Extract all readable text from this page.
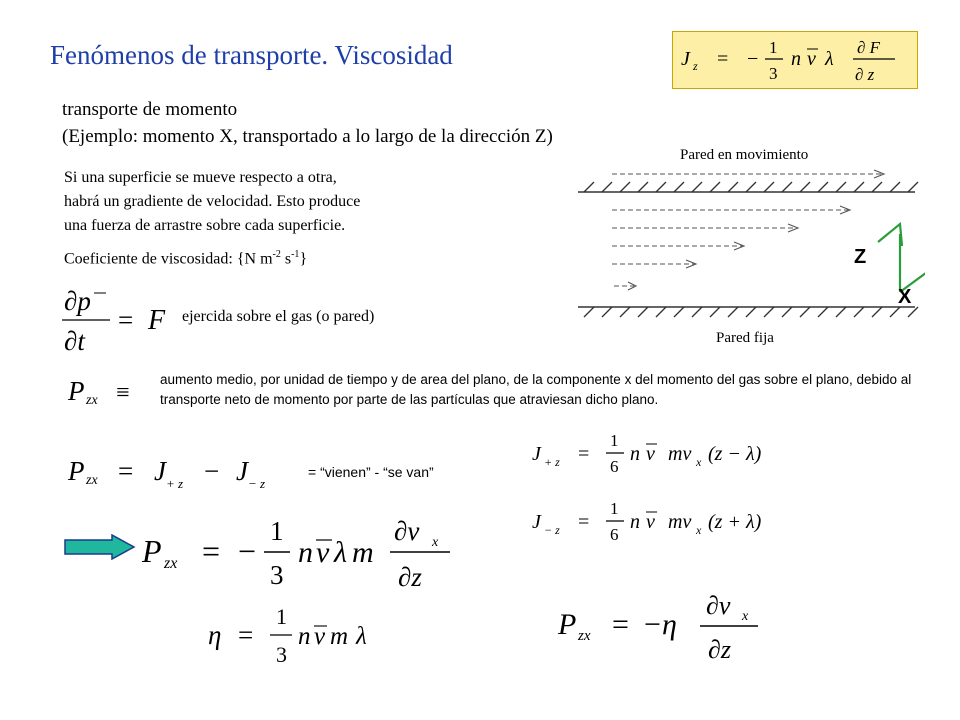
Fenómenos de transporte. Viscosidad	J z = −
1
3
n v λ
∂ F
∂ z
transporte de momento
(Ejemplo: momento X, transportado a lo largo de la dirección Z)
Si una superficie se mueve respecto a otra,
habrá un gradiente de velocidad. Esto produce
una fuerza de arrastre sobre cada superficie.
Coeficiente de viscosidad: {N $m^{-2}$ $s^{-1}$}
Pared en movimiento
Pared fija
Z
X
∂p
∂t
= F ejercida sobre el gas (o pared)
P zx ≡
aumento medio, por unidad de tiempo y de area del plano, de la componente x del momento del gas sobre el plano, debido al transporte neto de momento por parte de las partículas que atraviesan dicho plano.
P zx = J + z − J − z
= “vienen” - “se van”
J + z =
1
6
n v mv x (z − λ)
J − z =
1
6
n v mv x (z + λ)
P zx = −
1
3
n v λ m
∂v x
∂z
η =
1
3
n v m λ	P zx = − η
∂v x
∂z
